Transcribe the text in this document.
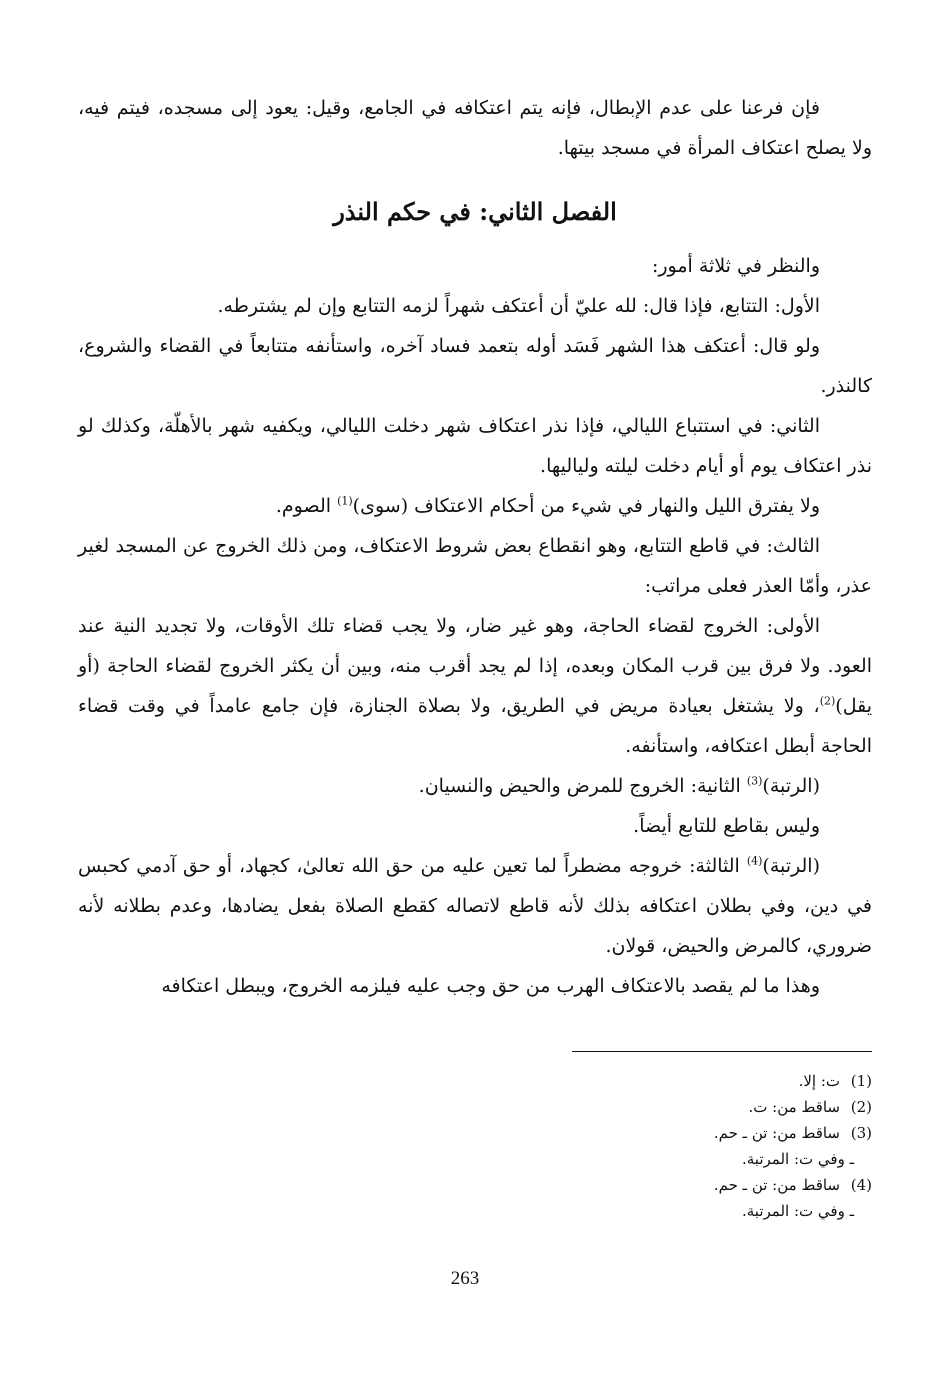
فإن فرعنا على عدم الإبطال، فإنه يتم اعتكافه في الجامع، وقيل: يعود إلى مسجده، فيتم فيه، ولا يصلح اعتكاف المرأة في مسجد بيتها.

الفصل الثاني: في حكم النذر

والنظر في ثلاثة أمور:

الأول: التتابع، فإذا قال: لله عليّ أن أعتكف شهراً لزمه التتابع وإن لم يشترطه.

ولو قال: أعتكف هذا الشهر فَسَد أوله بتعمد فساد آخره، واستأنفه متتابعاً في القضاء والشروع، كالنذر.

الثاني: في استتباع الليالي، فإذا نذر اعتكاف شهر دخلت الليالي، ويكفيه شهر بالأهلّة، وكذلك لو نذر اعتكاف يوم أو أيام دخلت ليلته ولياليها.

ولا يفترق الليل والنهار في شيء من أحكام الاعتكاف (سوى)$^{(1)}$ الصوم.

الثالث: في قاطع التتابع، وهو انقطاع بعض شروط الاعتكاف، ومن ذلك الخروج عن المسجد لغير عذر، وأمّا العذر فعلى مراتب:

الأولى: الخروج لقضاء الحاجة، وهو غير ضار، ولا يجب قضاء تلك الأوقات، ولا تجديد النية عند العود. ولا فرق بين قرب المكان وبعده، إذا لم يجد أقرب منه، وبين أن يكثر الخروج لقضاء الحاجة (أو يقل)$^{(2)}$، ولا يشتغل بعيادة مريض في الطريق، ولا بصلاة الجنازة، فإن جامع عامداً في وقت قضاء الحاجة أبطل اعتكافه، واستأنفه.

(الرتبة)$^{(3)}$ الثانية: الخروج للمرض والحيض والنسيان.

وليس بقاطع للتابع أيضاً.

(الرتبة)$^{(4)}$ الثالثة: خروجه مضطراً لما تعين عليه من حق الله تعالىٰ، كجهاد، أو حق آدمي كحبس في دين، وفي بطلان اعتكافه بذلك لأنه قاطع لاتصاله كقطع الصلاة بفعل يضادها، وعدم بطلانه لأنه ضروري، كالمرض والحيض، قولان.

وهذا ما لم يقصد بالاعتكاف الهرب من حق وجب عليه فيلزمه الخروج، ويبطل اعتكافه

(1)ت: إلا.
(2)ساقط من: ت.
(3)ساقط من: تن ـ حم.
ـ وفي ت: المرتبة.
(4)ساقط من: تن ـ حم.
ـ وفي ت: المرتبة.
263
